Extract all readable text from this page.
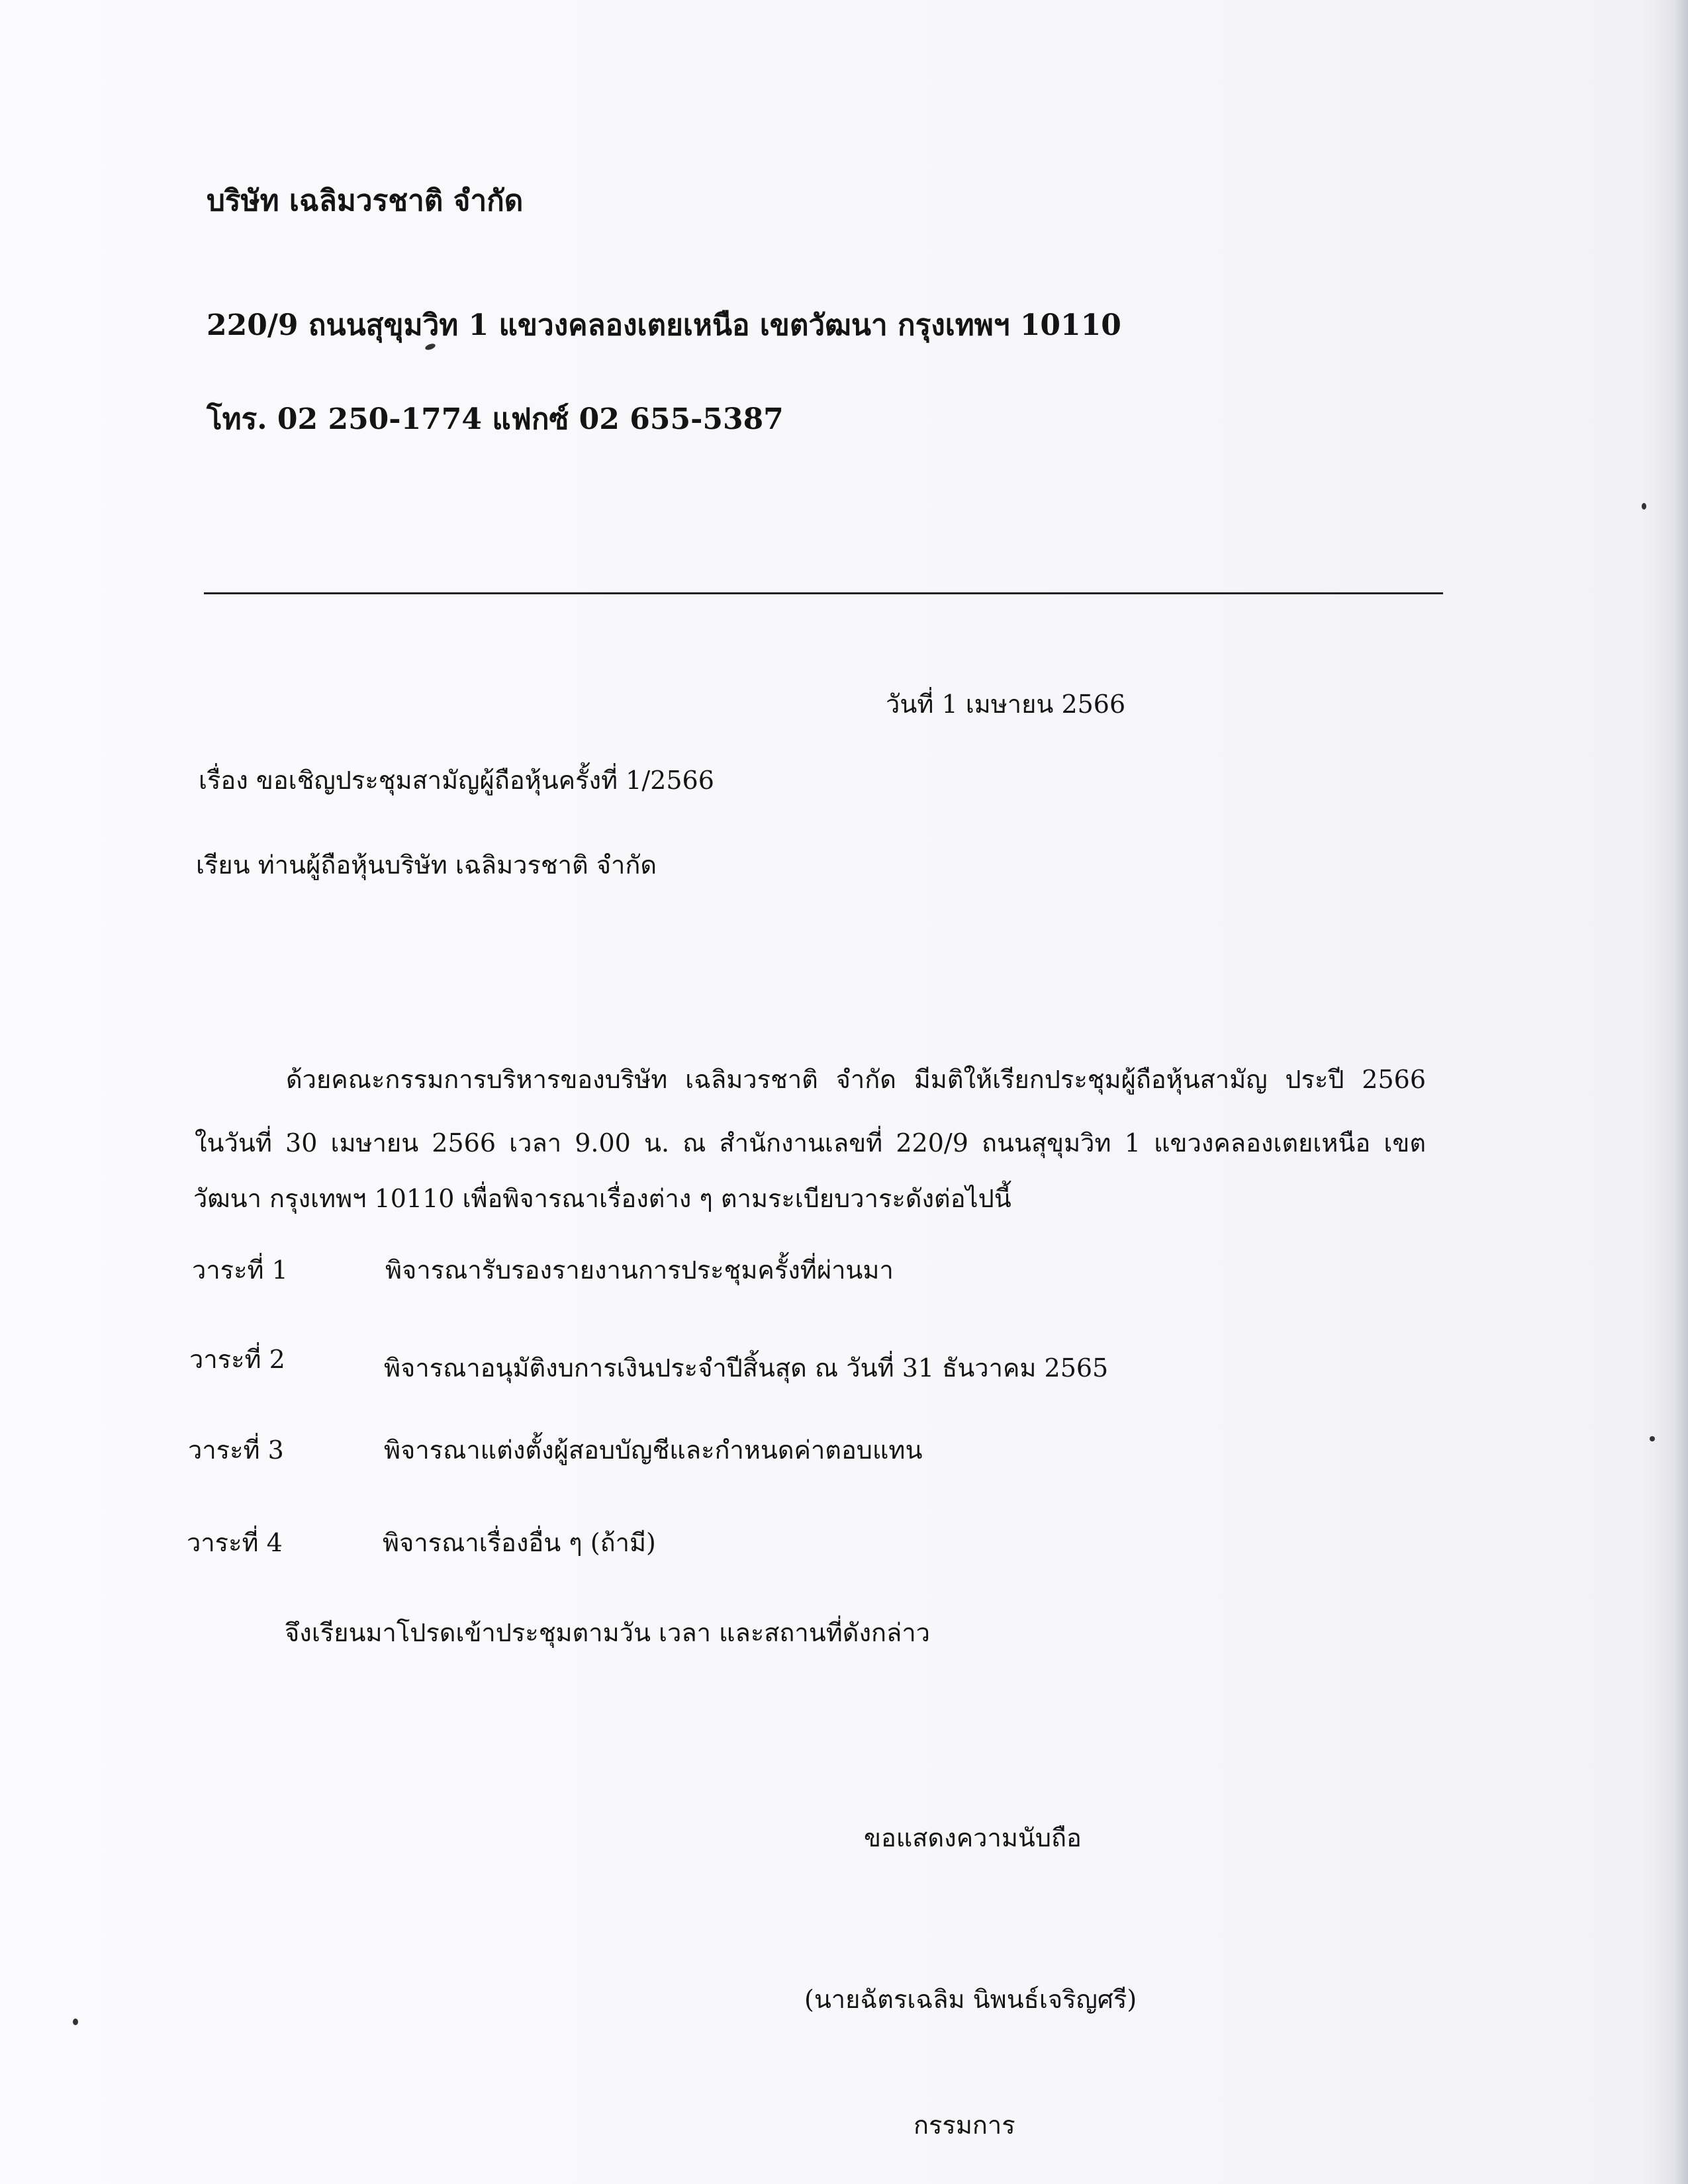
บริษัท เฉลิมวรชาติ จำกัด
220/9 ถนนสุขุมวิท 1 แขวงคลองเตยเหนือ เขตวัฒนา กรุงเทพฯ 10110
โทร. 02 250-1774 แฟกซ์ 02 655-5387
วันที่ 1 เมษายน 2566
เรื่อง ขอเชิญประชุมสามัญผู้ถือหุ้นครั้งที่ 1/2566
เรียน ท่านผู้ถือหุ้นบริษัท เฉลิมวรชาติ จำกัด
ด้วยคณะกรรมการบริหารของบริษัท เฉลิมวรชาติ จำกัด มีมติให้เรียกประชุมผู้ถือหุ้นสามัญ ประปี 2566
ในวันที่ 30 เมษายน 2566 เวลา 9.00 น. ณ สำนักงานเลขที่ 220/9 ถนนสุขุมวิท 1 แขวงคลองเตยเหนือ เขต
วัฒนา กรุงเทพฯ 10110 เพื่อพิจารณาเรื่องต่าง ๆ ตามระเบียบวาระดังต่อไปนี้
วาระที่ 1	พิจารณารับรองรายงานการประชุมครั้งที่ผ่านมา
วาระที่ 2	พิจารณาอนุมัติงบการเงินประจำปีสิ้นสุด ณ วันที่ 31 ธันวาคม 2565
วาระที่ 3	พิจารณาแต่งตั้งผู้สอบบัญชีและกำหนดค่าตอบแทน
วาระที่ 4	พิจารณาเรื่องอื่น ๆ (ถ้ามี)
จึงเรียนมาโปรดเข้าประชุมตามวัน เวลา และสถานที่ดังกล่าว
ขอแสดงความนับถือ
(นายฉัตรเฉลิม นิพนธ์เจริญศรี)
กรรมการ
